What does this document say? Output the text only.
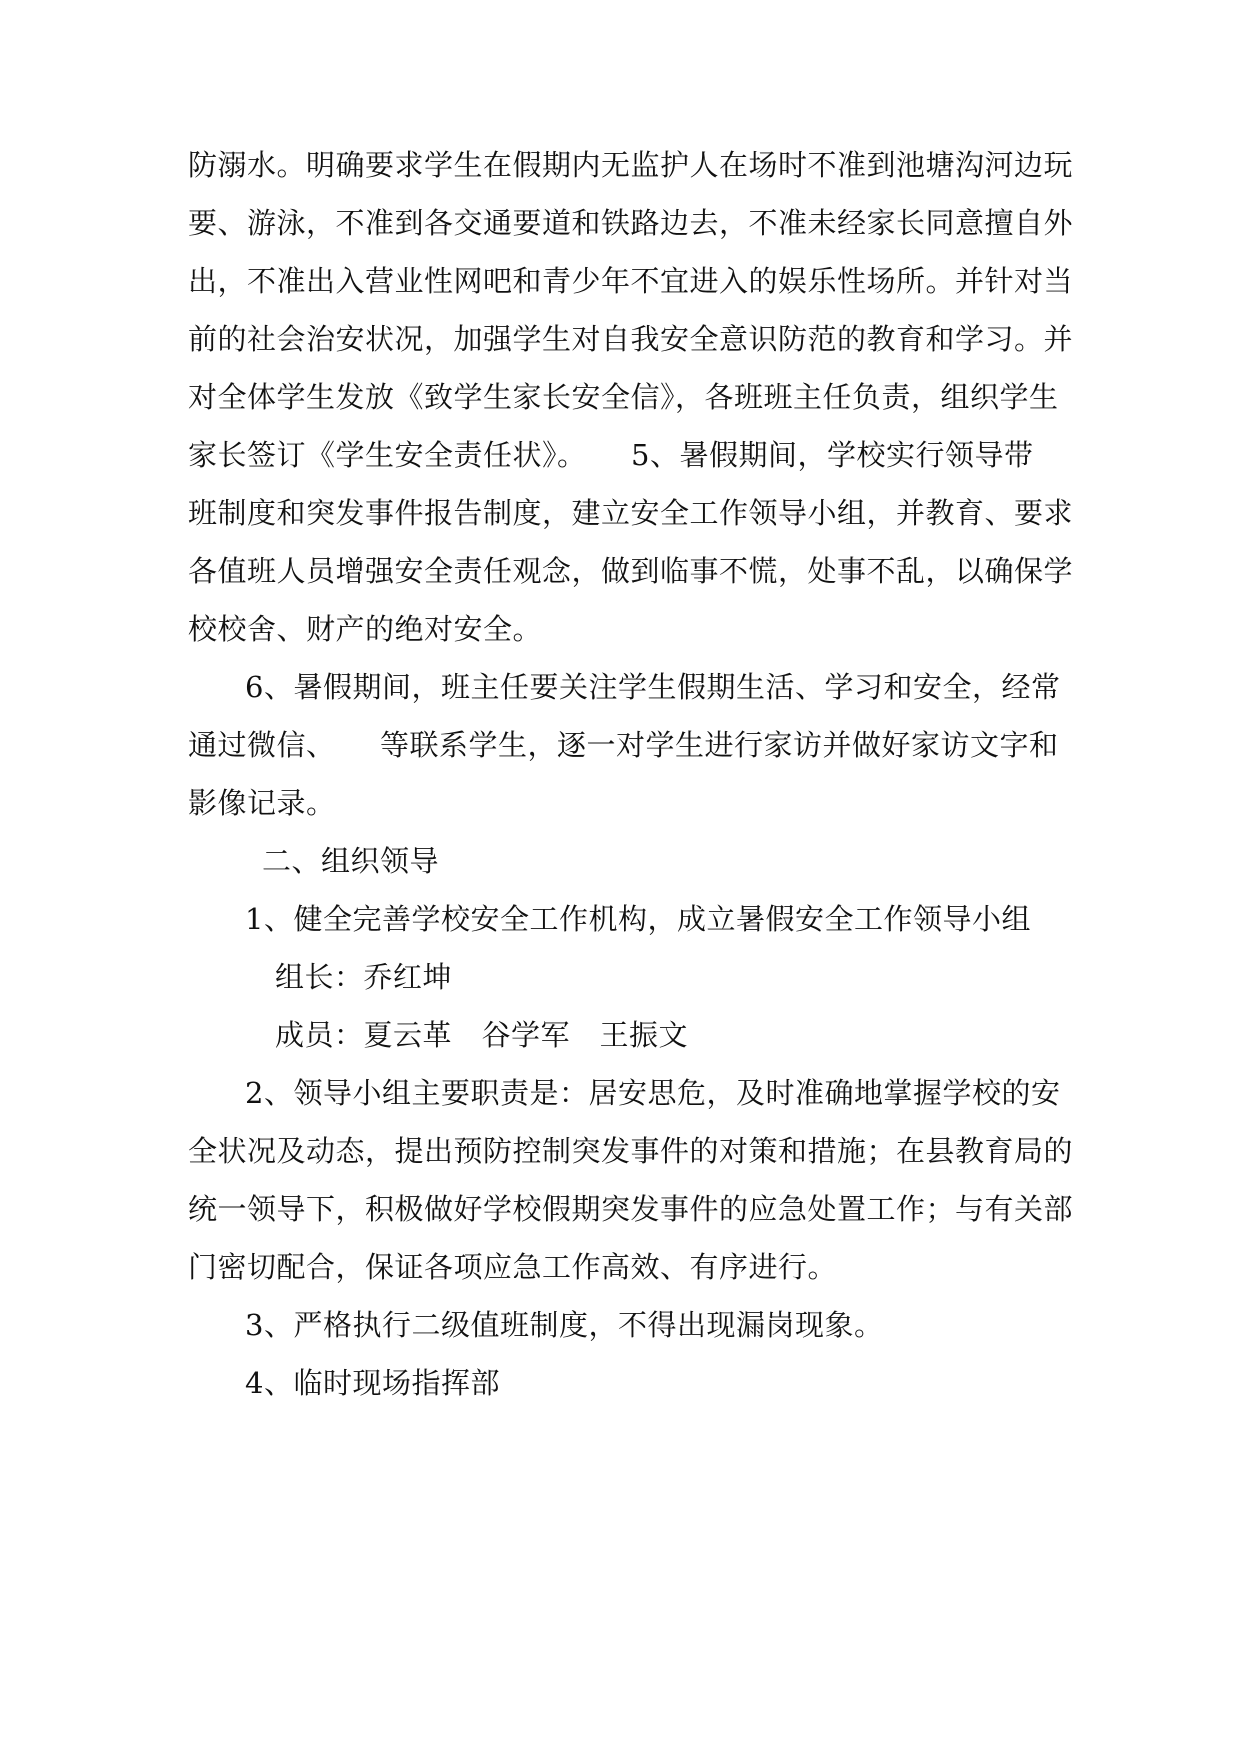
防溺水。明确要求学生在假期内无监护人在场时不准到池塘沟河边玩
要、游泳，不准到各交通要道和铁路边去，不准未经家长同意擅自外
出，不准出入营业性网吧和青少年不宜进入的娱乐性场所。并针对当
前的社会治安状况，加强学生对自我安全意识防范的教育和学习。并
对全体学生发放《致学生家长安全信》，各班班主任负责，组织学生
家长签订《学生安全责任状》。　　5、暑假期间，学校实行领导带
班制度和突发事件报告制度，建立安全工作领导小组，并教育、要求
各值班人员增强安全责任观念，做到临事不慌，处事不乱，以确保学
校校舍、财产的绝对安全。
6、暑假期间，班主任要关注学生假期生活、学习和安全，经常
通过微信、　　等联系学生，逐一对学生进行家访并做好家访文字和
影像记录。
二、组织领导
1、健全完善学校安全工作机构，成立暑假安全工作领导小组
组长：乔红坤
成员：夏云革　谷学军　王振文
2、领导小组主要职责是：居安思危，及时准确地掌握学校的安
全状况及动态，提出预防控制突发事件的对策和措施；在县教育局的
统一领导下，积极做好学校假期突发事件的应急处置工作；与有关部
门密切配合，保证各项应急工作高效、有序进行。
3、严格执行二级值班制度，不得出现漏岗现象。
4、临时现场指挥部
